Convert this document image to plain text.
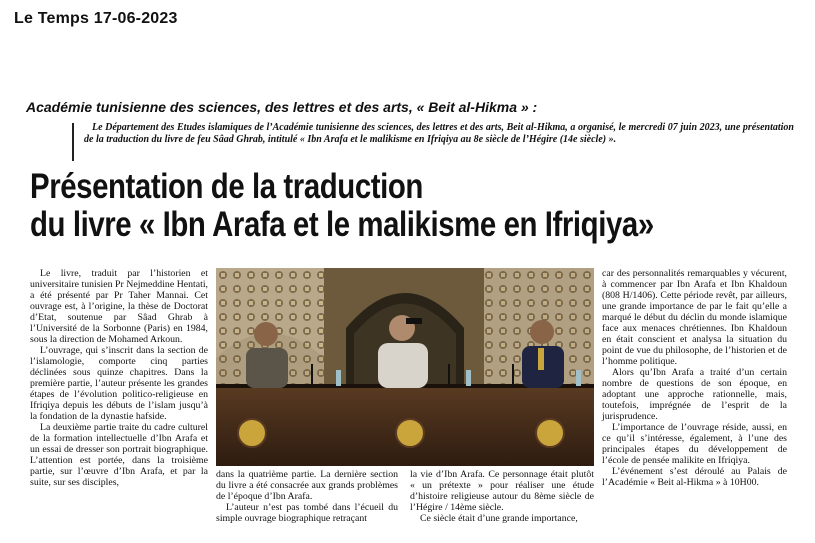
Le Temps 17-06-2023
Académie tunisienne des sciences, des lettres et des arts, « Beit al-Hikma » :
Le Département des Etudes islamiques de l’Académie tunisienne des sciences, des lettres et des arts, Beit al-Hikma, a organisé, le mercredi 07 juin 2023, une présentation de la traduction du livre de feu Sâad Ghrab, intitulé « Ibn Arafa et le malikisme en Ifriqiya au 8e siècle de l’Hégire (14e siècle) ».
Présentation de la traduction
du livre « Ibn Arafa et le malikisme en Ifriqiya»

Le livre, traduit par l’historien et universitaire tunisien Pr Nejmeddine Hentati, a été présenté par Pr Taher Mannai. Cet ouvrage est, à l’origine, la thèse de Doctorat d’Etat, soutenue par Sâad Ghrab à l’Université de la Sorbonne (Paris) en 1984, sous la direction de Mohamed Arkoun.

L’ouvrage, qui s’inscrit dans la section de l’islamologie, comporte cinq parties déclinées sous quinze chapitres. Dans la première partie, l’auteur présente les grandes étapes de l’évolution politico-religieuse en Ifriqiya depuis les débuts de l’islam jusqu’à la fondation de la dynastie hafside.

La deuxième partie traite du cadre culturel de la formation intellectuelle d’Ibn Arafa et un essai de dresser son portrait biographique. L’attention est portée, dans la troisième partie, sur l’œuvre d’Ibn Arafa, et par la suite, sur ses disciples,

dans la quatrième partie. La dernière section du livre a été consacrée aux grands problèmes de l’époque d’Ibn Arafa.

L’auteur n’est pas tombé dans l’écueil du simple ouvrage biographique retraçant

la vie d’Ibn Arafa. Ce personnage était plutôt « un prétexte » pour réaliser une étude d’histoire religieuse autour du 8ème siècle de l’Hégire / 14ème siècle.

Ce siècle était d’une grande importance,

car des personnalités remarquables y vécurent, à commencer par Ibn Arafa et Ibn Khaldoun (808 H/1406). Cette période revêt, par ailleurs, une grande importance de par le fait qu’elle a marqué le début du déclin du monde islamique face aux menaces chrétiennes. Ibn Khaldoun en était conscient et analysa la situation du point de vue du philosophe, de l’historien et de l’homme politique.

Alors qu’Ibn Arafa a traité d’un certain nombre de questions de son époque, en adoptant une approche rationnelle, mais, toutefois, imprégnée de l’esprit de la jurisprudence.

L’importance de l’ouvrage réside, aussi, en ce qu’il s’intéresse, également, à l’une des principales étapes du développement de l’école de pensée malikite en Ifriqiya.

L’événement s’est déroulé au Palais de l’Académie « Beit al-Hikma » à 10H00.
